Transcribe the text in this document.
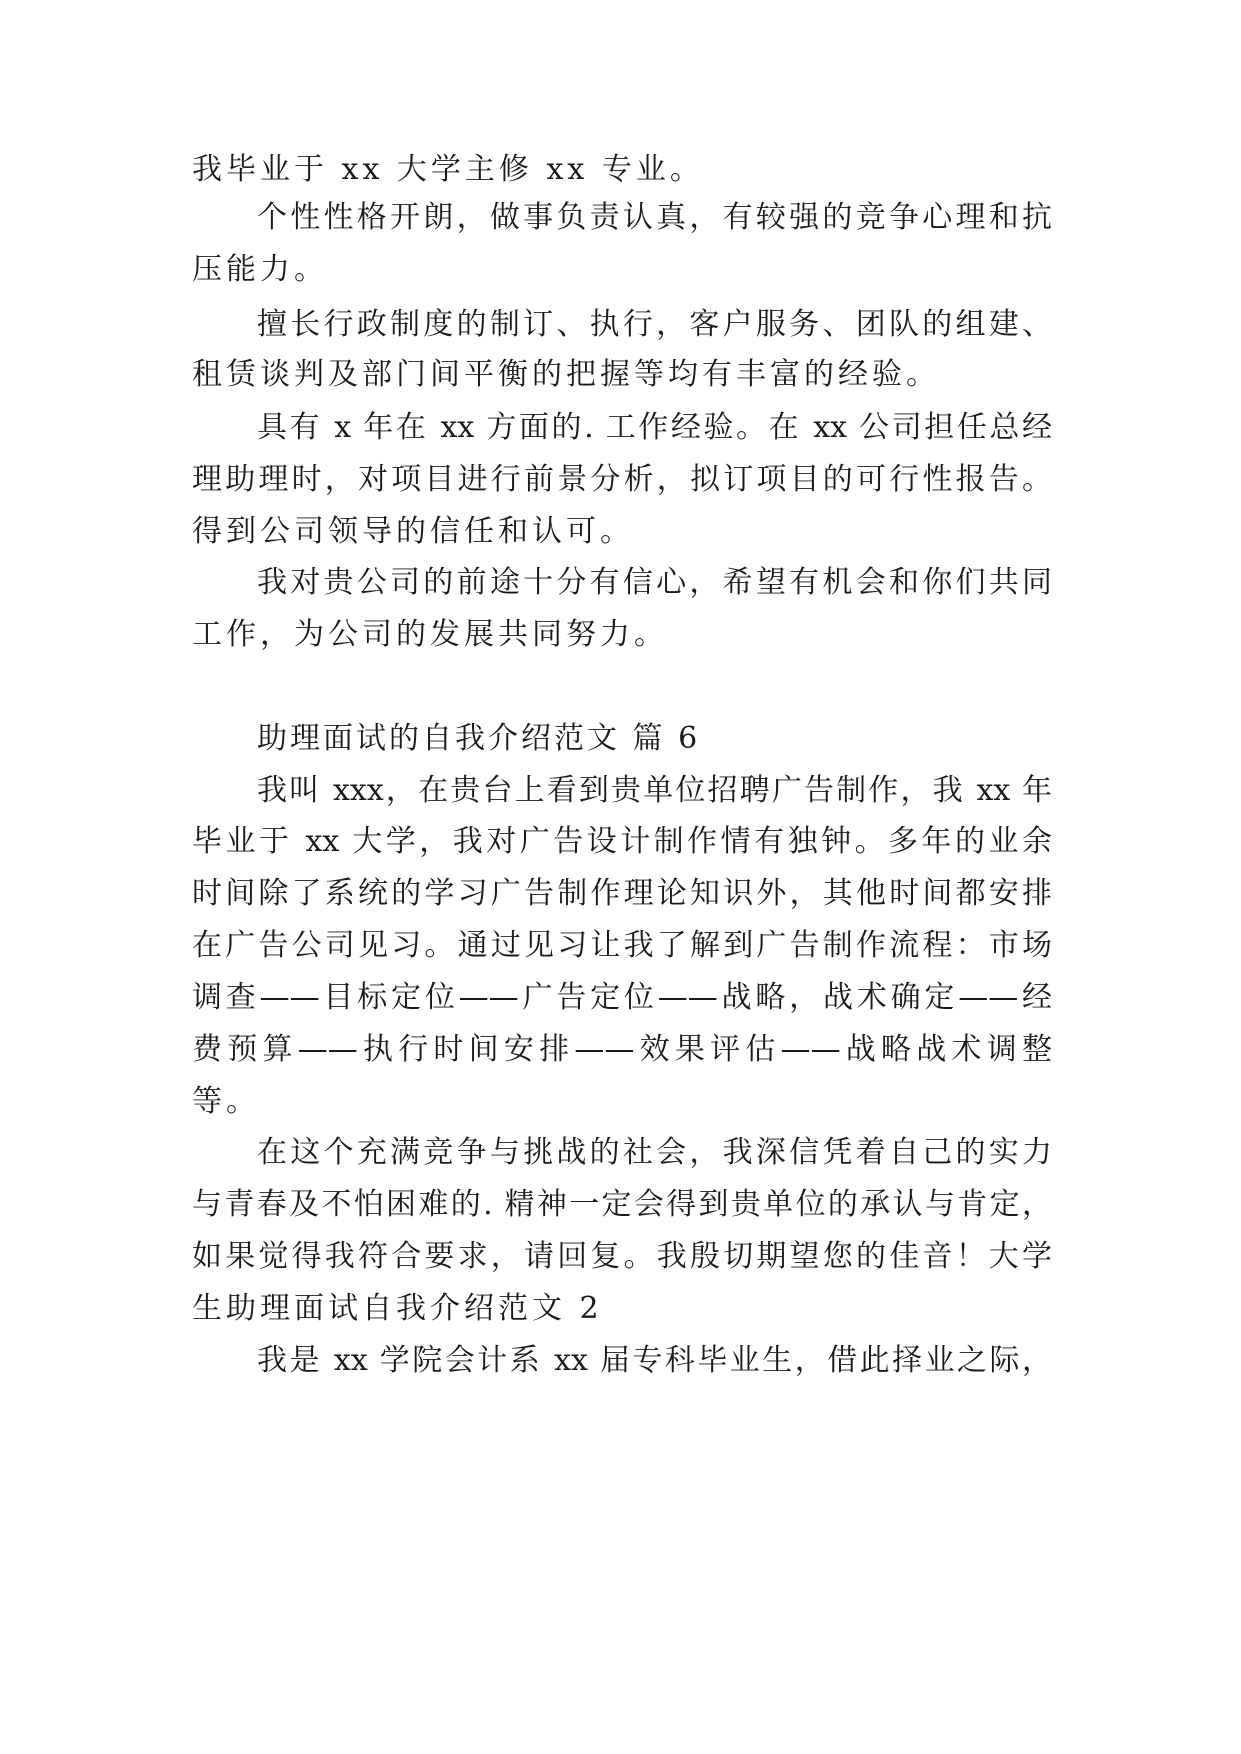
我毕业于 xx 大学主修 xx 专业。
个性性格开朗，做事负责认真，有较强的竞争心理和抗
压能力。
擅长行政制度的制订、执行，客户服务、团队的组建、
租赁谈判及部门间平衡的把握等均有丰富的经验。
具有 x 年在 xx 方面的. 工作经验。在 xx 公司担任总经
理助理时，对项目进行前景分析，拟订项目的可行性报告。
得到公司领导的信任和认可。
我对贵公司的前途十分有信心，希望有机会和你们共同
工作，为公司的发展共同努力。
助理面试的自我介绍范文 篇 6
我叫 xxx，在贵台上看到贵单位招聘广告制作，我 xx 年
毕业于 xx 大学，我对广告设计制作情有独钟。多年的业余
时间除了系统的学习广告制作理论知识外，其他时间都安排
在广告公司见习。通过见习让我了解到广告制作流程：市场
调查——目标定位——广告定位——战略，战术确定——经
费预算——执行时间安排——效果评估——战略战术调整
等。
在这个充满竞争与挑战的社会，我深信凭着自己的实力
与青春及不怕困难的. 精神一定会得到贵单位的承认与肯定，
如果觉得我符合要求，请回复。我殷切期望您的佳音！大学
生助理面试自我介绍范文 2
我是 xx 学院会计系 xx 届专科毕业生，借此择业之际，
